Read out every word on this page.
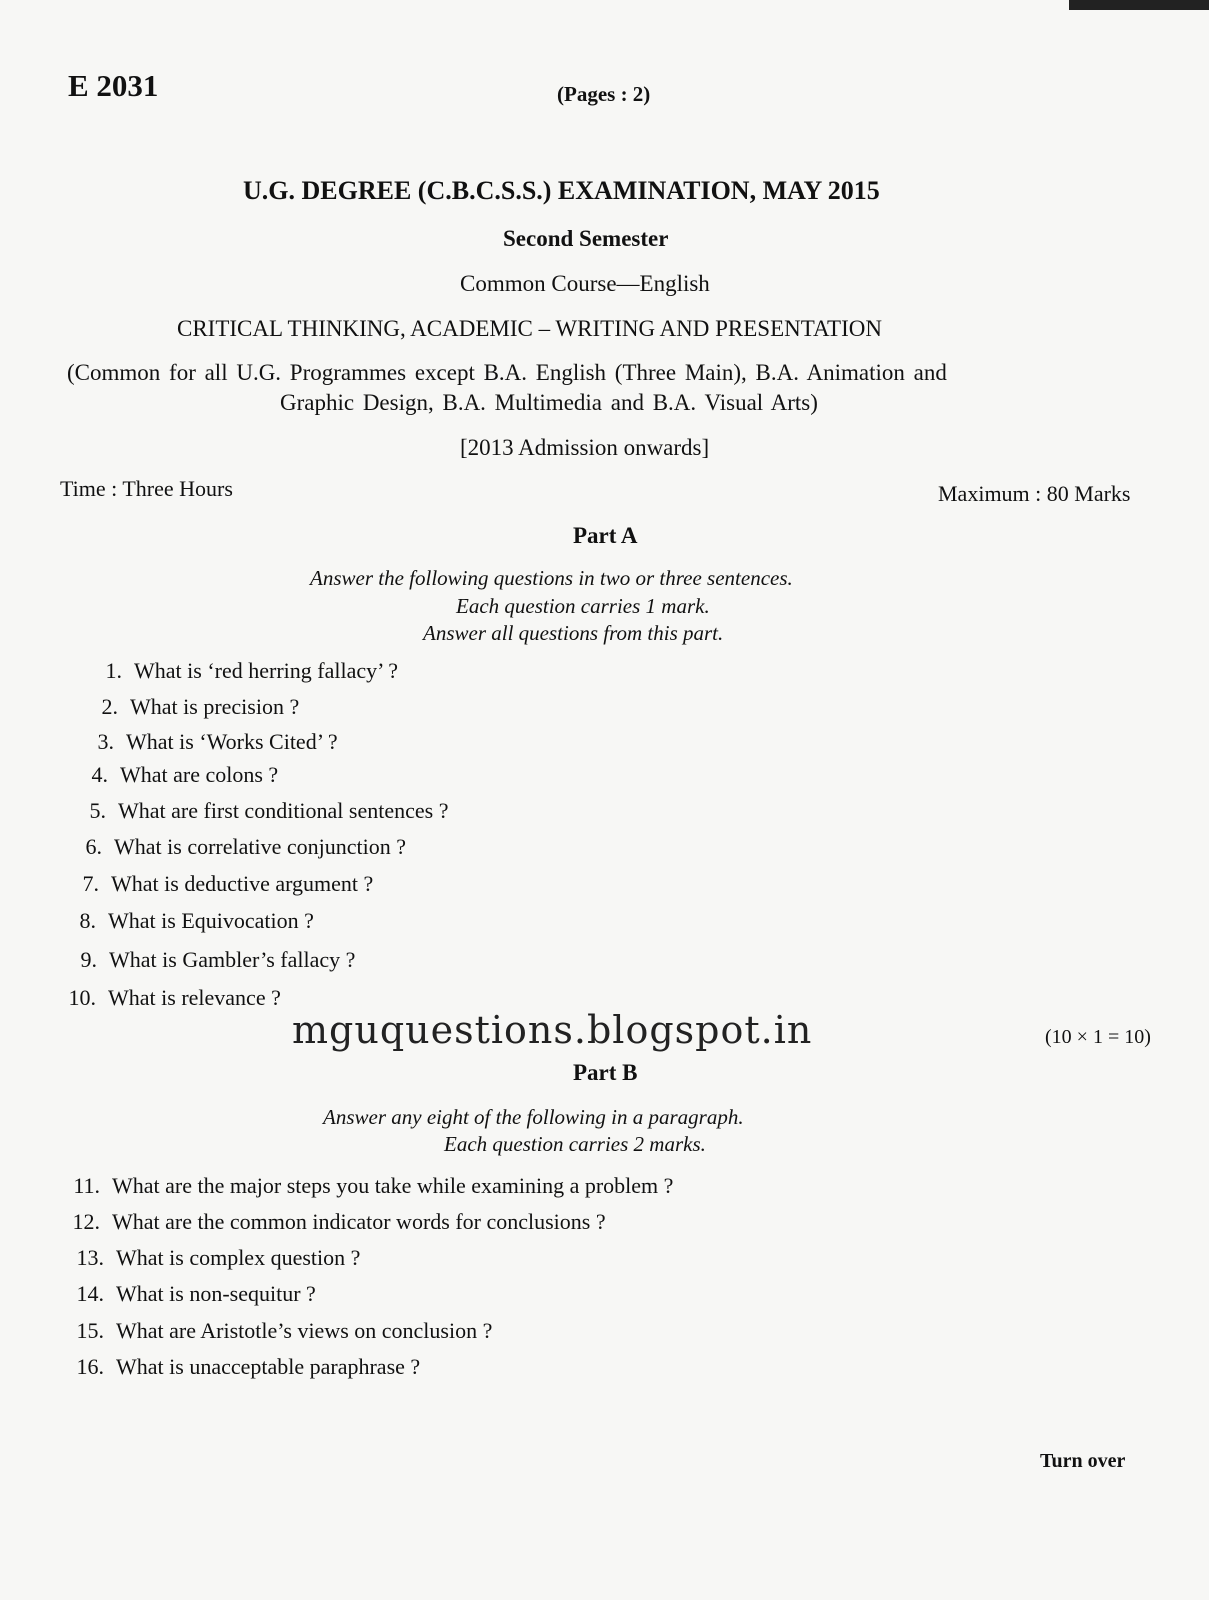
E 2031	(Pages : 2)
U.G. DEGREE (C.B.C.S.S.) EXAMINATION, MAY 2015
Second Semester
Common Course—English
CRITICAL THINKING, ACADEMIC – WRITING AND PRESENTATION
(Common for all U.G. Programmes except B.A. English (Three Main), B.A. Animation and
Graphic Design, B.A. Multimedia and B.A. Visual Arts)
[2013 Admission onwards]
Time : Three Hours	Maximum : 80 Marks
Part A
Answer the following questions in two or three sentences.
Each question carries 1 mark.
Answer all questions from this part.
1. What is ‘red herring fallacy’ ?
2. What is precision ?
3. What is ‘Works Cited’ ?
4. What are colons ?
5. What are first conditional sentences ?
6. What is correlative conjunction ?
7. What is deductive argument ?
8. What is Equivocation ?
9. What is Gambler’s fallacy ?
10. What is relevance ?
mguquestions.blogspot.in	(10 × 1 = 10)
Part B
Answer any eight of the following in a paragraph.
Each question carries 2 marks.
11. What are the major steps you take while examining a problem ?
12. What are the common indicator words for conclusions ?
13. What is complex question ?
14. What is non-sequitur ?
15. What are Aristotle’s views on conclusion ?
16. What is unacceptable paraphrase ?
Turn over
